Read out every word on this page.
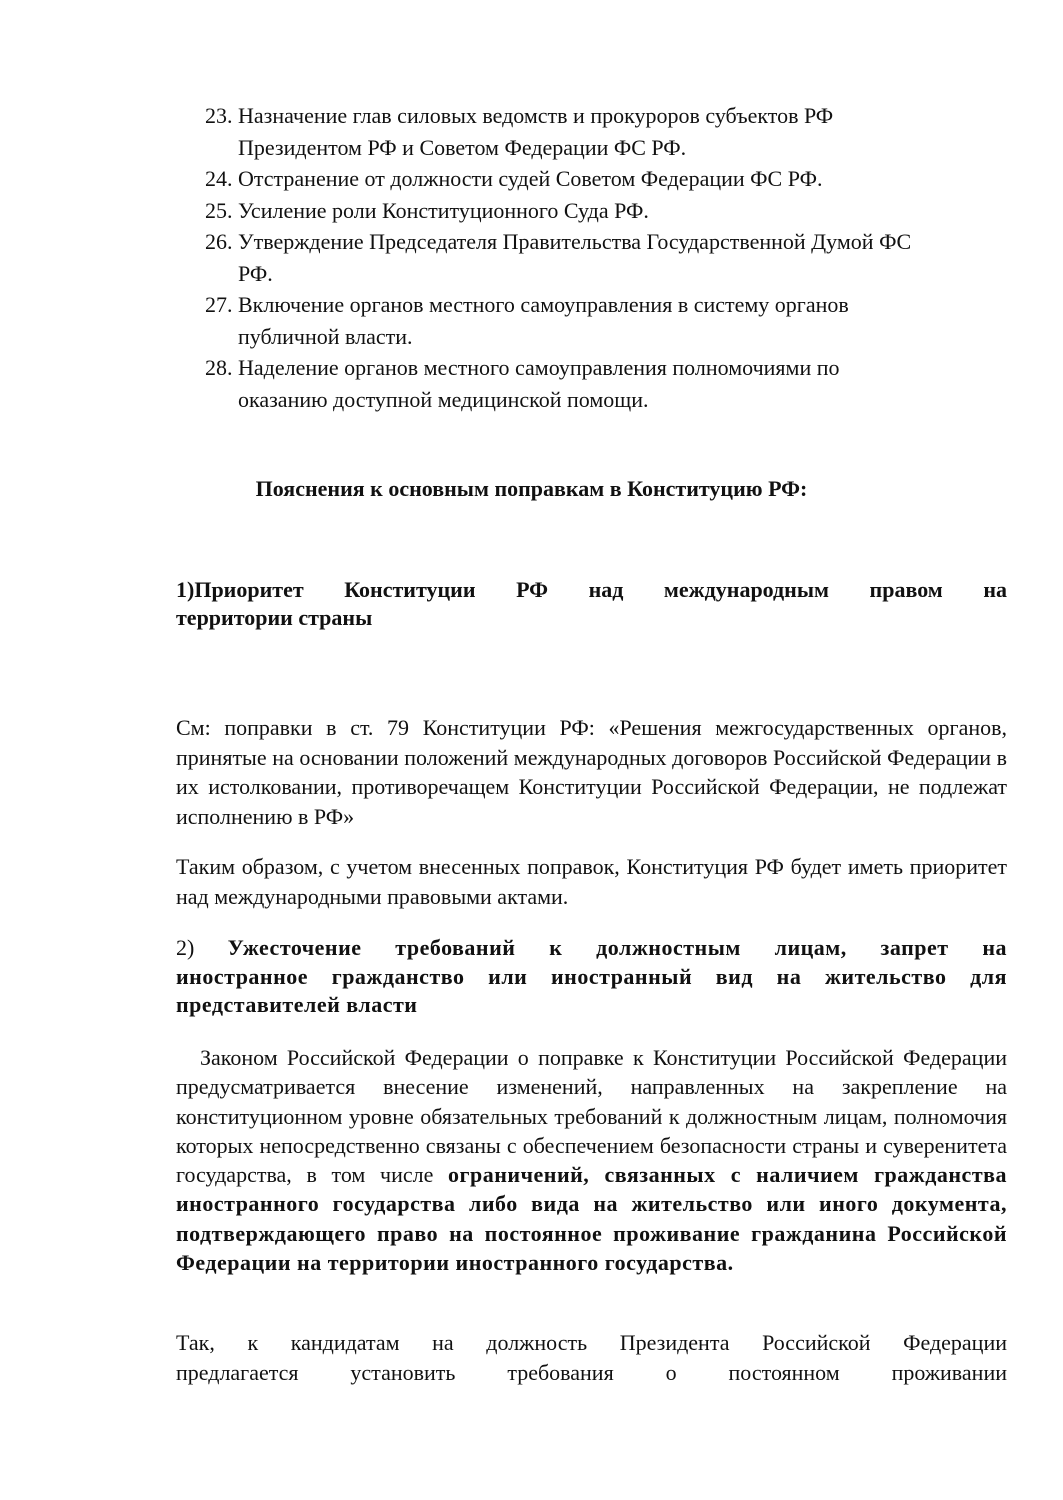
23. Назначение глав силовых ведомств и прокуроров субъектов РФ
Президентом РФ и Советом Федерации ФС РФ.
24. Отстранение от должности судей Советом Федерации ФС РФ.
25. Усиление роли Конституционного Суда РФ.
26. Утверждение Председателя Правительства Государственной Думой ФС
РФ.
27. Включение органов местного самоуправления в систему органов
публичной власти.
28. Наделение органов местного самоуправления полномочиями по
оказанию доступной медицинской помощи.
Пояснения к основным поправкам в Конституцию РФ:
1)Приоритет Конституции РФ над международным правом на
территории страны
См: поправки в ст. 79 Конституции РФ: «Решения межгосударственных органов, принятые на основании положений международных договоров Российской Федерации в их истолковании, противоречащем Конституции Российской Федерации, не подлежат исполнению в РФ»
Таким образом, с учетом внесенных поправок, Конституция РФ будет иметь приоритет над международными правовыми актами.
2) Ужесточение требований к должностным лицам, запрет на
иностранное гражданство или иностранный вид на жительство для
представителей власти
Законом Российской Федерации о поправке к Конституции Российской Федерации предусматривается внесение изменений, направленных на закрепление на конституционном уровне обязательных требований к должностным лицам, полномочия которых непосредственно связаны с обеспечением безопасности страны и суверенитета государства, в том числе ограничений, связанных с наличием гражданства иностранного государства либо вида на жительство или иного документа, подтверждающего право на постоянное проживание гражданина Российской Федерации на территории иностранного государства.
Так, к кандидатам на должность Президента Российской Федерации
предлагается установить требования о постоянном проживании
